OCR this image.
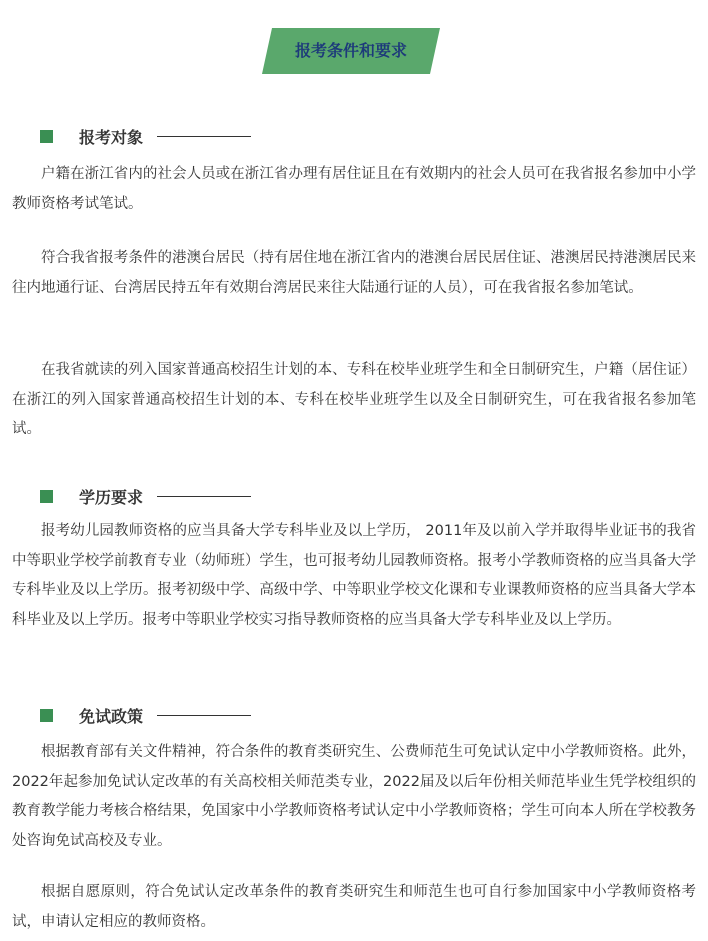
报考条件和要求
报考对象
户籍在浙江省内的社会人员或在浙江省办理有居住证且在有效期内的社会人员可在我省报名参加中小学教师资格考试笔试。
符合我省报考条件的港澳台居民（持有居住地在浙江省内的港澳台居民居住证、港澳居民持港澳居民来往内地通行证、台湾居民持五年有效期台湾居民来往大陆通行证的人员），可在我省报名参加笔试。
在我省就读的列入国家普通高校招生计划的本、专科在校毕业班学生和全日制研究生，户籍（居住证）在浙江的列入国家普通高校招生计划的本、专科在校毕业班学生以及全日制研究生，可在我省报名参加笔试。
学历要求
报考幼儿园教师资格的应当具备大学专科毕业及以上学历， 2011年及以前入学并取得毕业证书的我省中等职业学校学前教育专业（幼师班）学生，也可报考幼儿园教师资格。报考小学教师资格的应当具备大学专科毕业及以上学历。报考初级中学、高级中学、中等职业学校文化课和专业课教师资格的应当具备大学本科毕业及以上学历。报考中等职业学校实习指导教师资格的应当具备大学专科毕业及以上学历。
免试政策
根据教育部有关文件精神，符合条件的教育类研究生、公费师范生可免试认定中小学教师资格。此外，2022年起参加免试认定改革的有关高校相关师范类专业，2022届及以后年份相关师范毕业生凭学校组织的教育教学能力考核合格结果，免国家中小学教师资格考试认定中小学教师资格；学生可向本人所在学校教务处咨询免试高校及专业。
根据自愿原则，符合免试认定改革条件的教育类研究生和师范生也可自行参加国家中小学教师资格考试，申请认定相应的教师资格。
